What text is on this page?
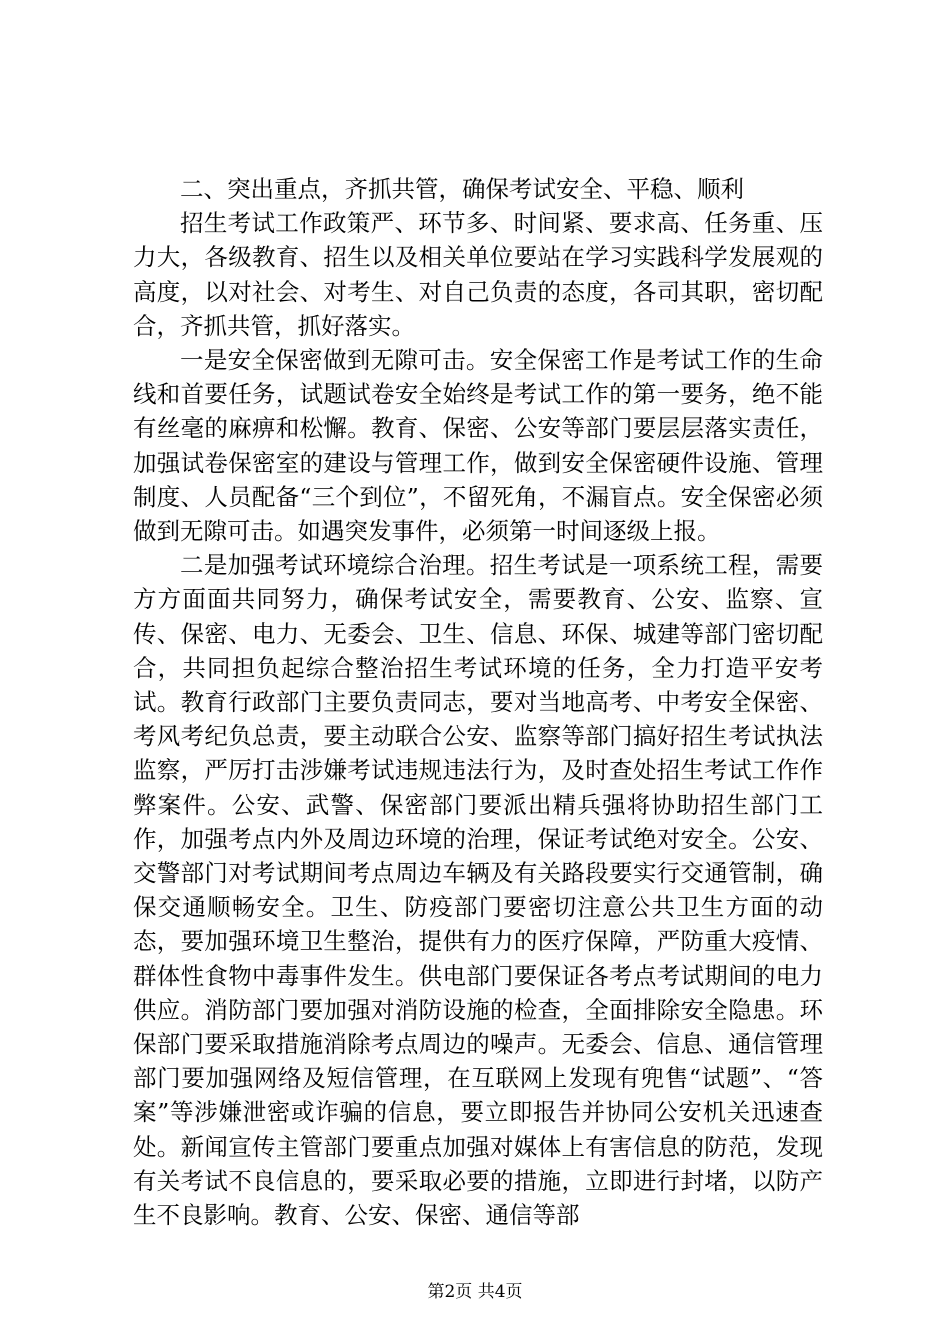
二、突出重点，齐抓共管，确保考试安全、平稳、顺利

招生考试工作政策严、环节多、时间紧、要求高、任务重、压力大，各级教育、招生以及相关单位要站在学习实践科学发展观的高度，以对社会、对考生、对自己负责的态度，各司其职，密切配合，齐抓共管，抓好落实。

一是安全保密做到无隙可击。安全保密工作是考试工作的生命线和首要任务，试题试卷安全始终是考试工作的第一要务，绝不能有丝毫的麻痹和松懈。教育、保密、公安等部门要层层落实责任，加强试卷保密室的建设与管理工作，做到安全保密硬件设施、管理制度、人员配备“三个到位”，不留死角，不漏盲点。安全保密必须做到无隙可击。如遇突发事件，必须第一时间逐级上报。

二是加强考试环境综合治理。招生考试是一项系统工程，需要方方面面共同努力，确保考试安全，需要教育、公安、监察、宣传、保密、电力、无委会、卫生、信息、环保、城建等部门密切配合，共同担负起综合整治招生考试环境的任务，全力打造平安考试。教育行政部门主要负责同志，要对当地高考、中考安全保密、考风考纪负总责，要主动联合公安、监察等部门搞好招生考试执法监察，严厉打击涉嫌考试违规违法行为，及时查处招生考试工作作弊案件。公安、武警、保密部门要派出精兵强将协助招生部门工作，加强考点内外及周边环境的治理，保证考试绝对安全。公安、交警部门对考试期间考点周边车辆及有关路段要实行交通管制，确保交通顺畅安全。卫生、防疫部门要密切注意公共卫生方面的动态，要加强环境卫生整治，提供有力的医疗保障，严防重大疫情、群体性食物中毒事件发生。供电部门要保证各考点考试期间的电力供应。消防部门要加强对消防设施的检查，全面排除安全隐患。环保部门要采取措施消除考点周边的噪声。无委会、信息、通信管理部门要加强网络及短信管理，在互联网上发现有兜售“试题”、“答案”等涉嫌泄密或诈骗的信息，要立即报告并协同公安机关迅速查处。新闻宣传主管部门要重点加强对媒体上有害信息的防范，发现有关考试不良信息的，要采取必要的措施，立即进行封堵，以防产生不良影响。教育、公安、保密、通信等部

第2页 共4页
